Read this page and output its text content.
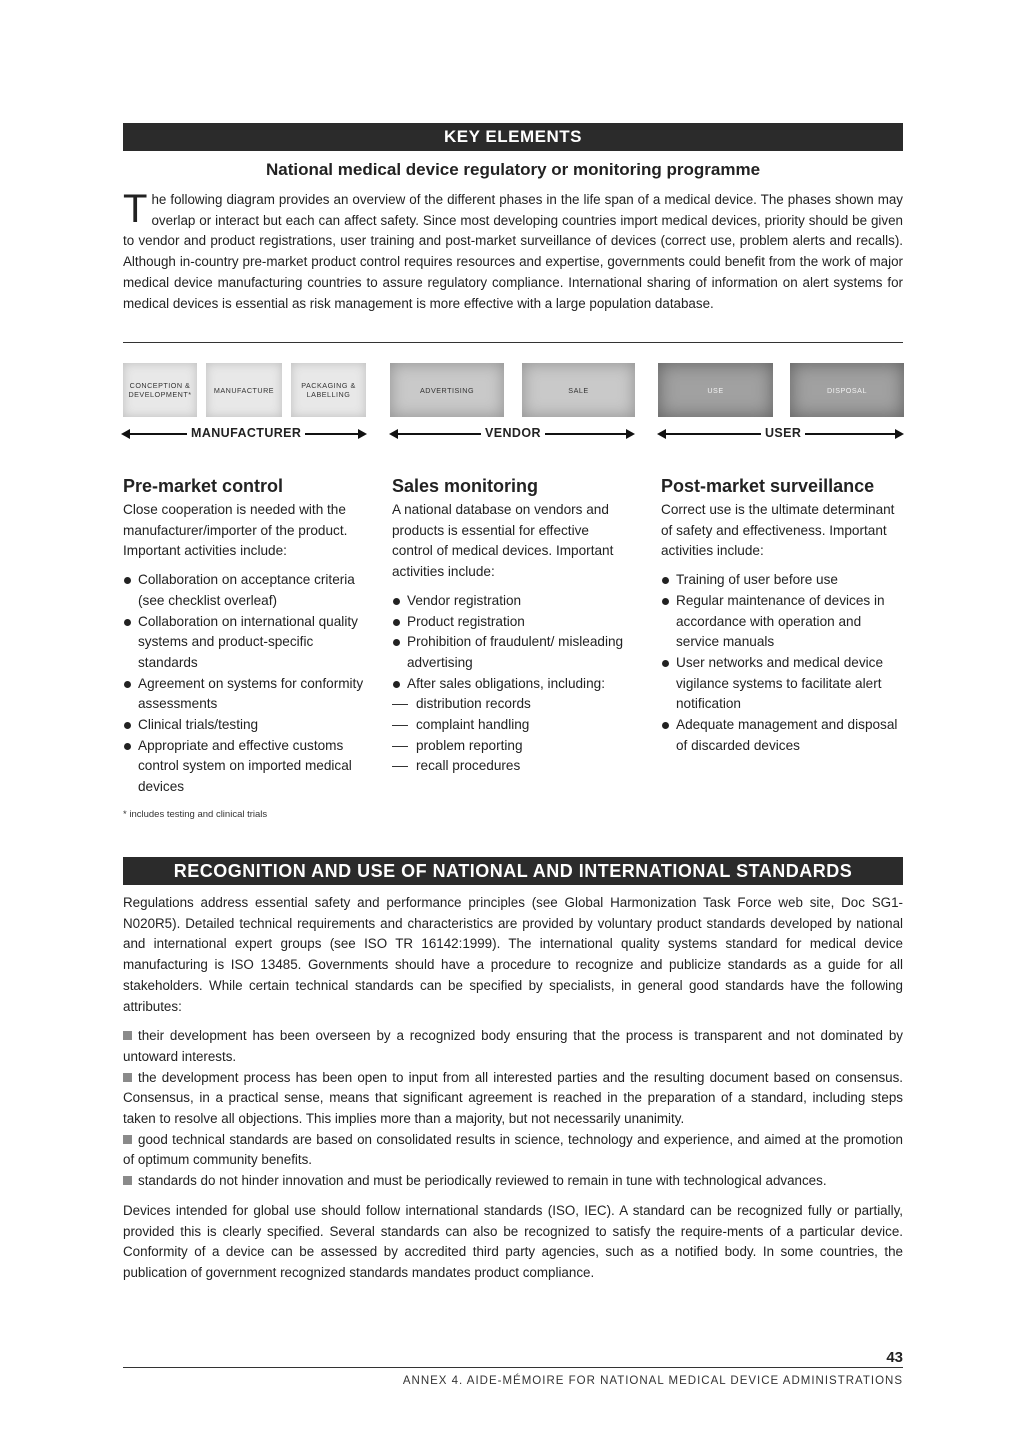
KEY ELEMENTS
National medical device regulatory or monitoring programme
The following diagram provides an overview of the different phases in the life span of a medical device. The phases shown may overlap or interact but each can affect safety. Since most developing countries import medical devices, priority should be given to vendor and product registrations, user training and post-market surveillance of devices (correct use, problem alerts and recalls). Although in-country pre-market product control requires resources and expertise, governments could benefit from the work of major medical device manufacturing countries to assure regulatory compliance. International sharing of information on alert systems for medical devices is essential as risk management is more effective with a large population database.
CONCEPTION & DEVELOPMENT*	MANUFACTURE	PACKAGING & LABELLING	ADVERTISING	SALE	USE	DISPOSAL
MANUFACTURER	VENDOR	USER
Pre-market control

Close cooperation is needed with the manufacturer/importer of the product. Important activities include:

Collaboration on acceptance criteria (see checklist overleaf)
Collaboration on international quality systems and product-specific standards
Agreement on systems for conformity assessments
Clinical trials/testing
Appropriate and effective customs control system on imported medical devices
Sales monitoring

A national database on vendors and products is essential for effective control of medical devices. Important activities include:

Vendor registration
Product registration
Prohibition of fraudulent/ misleading advertising
After sales obligations, including:
distribution records
complaint handling
problem reporting
recall procedures
Post-market surveillance

Correct use is the ultimate determinant of safety and effectiveness. Important activities include:

Training of user before use
Regular maintenance of devices in accordance with operation and service manuals
User networks and medical device vigilance systems to facilitate alert notification
Adequate management and disposal of discarded devices
* includes testing and clinical trials
RECOGNITION AND USE OF NATIONAL AND INTERNATIONAL STANDARDS

Regulations address essential safety and performance principles (see Global Harmonization Task Force web site, Doc SG1-N020R5). Detailed technical requirements and characteristics are provided by voluntary product standards developed by national and international expert groups (see ISO TR 16142:1999). The international quality systems standard for medical device manufacturing is ISO 13485. Governments should have a procedure to recognize and publicize standards as a guide for all stakeholders. While certain technical standards can be specified by specialists, in general good standards have the following attributes:

their development has been overseen by a recognized body ensuring that the process is transparent and not dominated by untoward interests.

the development process has been open to input from all interested parties and the resulting document based on consensus. Consensus, in a practical sense, means that significant agreement is reached in the preparation of a standard, including steps taken to resolve all objections. This implies more than a majority, but not necessarily unanimity.

good technical standards are based on consolidated results in science, technology and experience, and aimed at the promotion of optimum community benefits.

standards do not hinder innovation and must be periodically reviewed to remain in tune with technological advances.

Devices intended for global use should follow international standards (ISO, IEC). A standard can be recognized fully or partially, provided this is clearly specified. Several standards can also be recognized to satisfy the require-ments of a particular device. Conformity of a device can be assessed by accredited third party agencies, such as a notified body. In some countries, the publication of government recognized standards mandates product compliance.

43
ANNEX 4. AIDE-MÉMOIRE FOR NATIONAL MEDICAL DEVICE ADMINISTRATIONS
